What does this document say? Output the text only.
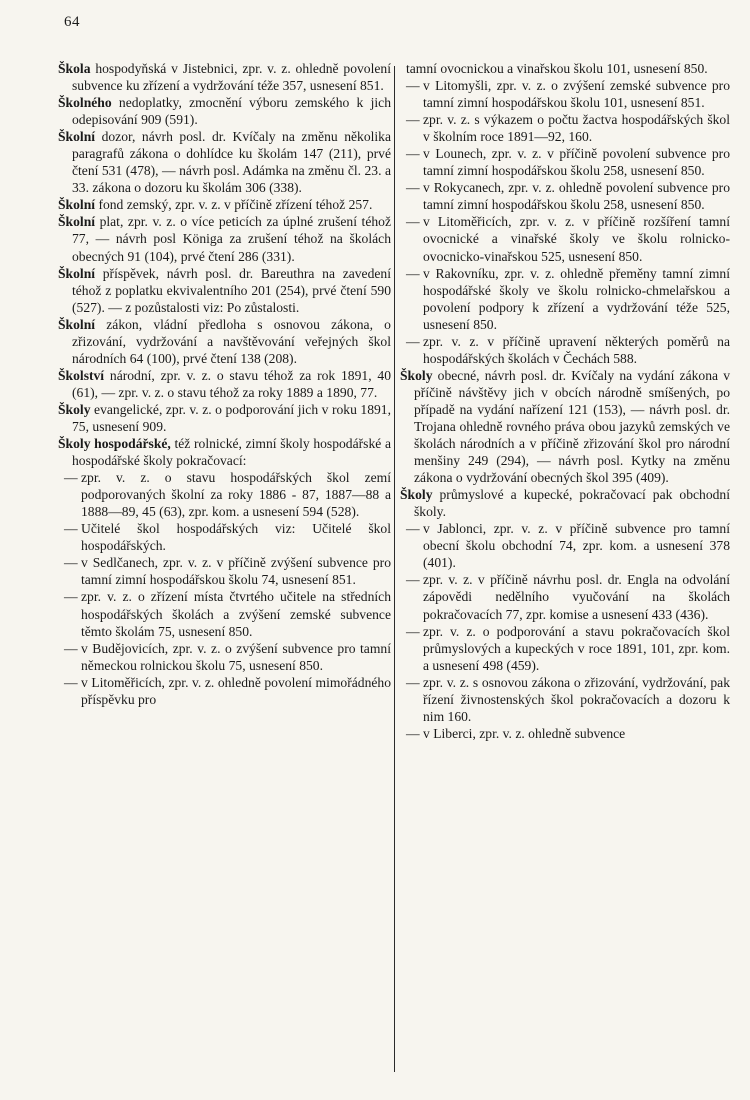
64

Škola hospodyňská v Jistebnici, zpr. v. z. ohledně povolení subvence ku zřízení a vydržování téže 357, usnesení 851.

Školného nedoplatky, zmocnění výboru zemského k jich odepisování 909 (591).

Školní dozor, návrh posl. dr. Kvíčaly na změnu několika paragrafů zákona o dohlídce ku školám 147 (211), prvé čtení 531 (478), — návrh posl. Adámka na změnu čl. 23. a 33. zákona o dozoru ku školám 306 (338).

Školní fond zemský, zpr. v. z. v příčině zřízení téhož 257.

Školní plat, zpr. v. z. o více peticích za úplné zrušení téhož 77, — návrh posl Königa za zrušení téhož na školách obecných 91 (104), prvé čtení 286 (331).

Školní příspěvek, návrh posl. dr. Bareuthra na zavedení téhož z poplatku ekvivalentního 201 (254), prvé čtení 590 (527). — z pozůstalosti viz: Po zůstalosti.

Školní zákon, vládní předloha s osnovou zákona, o zřizování, vydržování a navštěvování veřejných škol národních 64 (100), prvé čtení 138 (208).

Školství národní, zpr. v. z. o stavu téhož za rok 1891, 40 (61), — zpr. v. z. o stavu téhož za roky 1889 a 1890, 77.

Školy evangelické, zpr. v. z. o podporování jich v roku 1891, 75, usnesení 909.

Školy hospodářské, též rolnické, zimní školy hospodářské a hospodářské školy pokračovací:

— zpr. v. z. o stavu hospodářských škol zemí podporovaných školní za roky 1886 - 87, 1887—88 a 1888—89, 45 (63), zpr. kom. a usnesení 594 (528).

— Učitelé škol hospodářských viz: Učitelé škol hospodářských.

— v Sedlčanech, zpr. v. z. v příčině zvýšení subvence pro tamní zimní hospodářskou školu 74, usnesení 851.

— zpr. v. z. o zřízení místa čtvrtého učitele na středních hospodářských školách a zvýšení zemské subvence těmto školám 75, usnesení 850.

— v Budějovicích, zpr. v. z. o zvýšení subvence pro tamní německou rolnickou školu 75, usnesení 850.

— v Litoměřicích, zpr. v. z. ohledně povolení mimořádného příspěvku pro

tamní ovocnickou a vinařskou školu 101, usnesení 850.

— v Litomyšli, zpr. v. z. o zvýšení zemské subvence pro tamní zimní hospodářskou školu 101, usnesení 851.

— zpr. v. z. s výkazem o počtu žactva hospodářských škol v školním roce 1891—92, 160.

— v Lounech, zpr. v. z. v příčině povolení subvence pro tamní zimní hospodářskou školu 258, usnesení 850.

— v Rokycanech, zpr. v. z. ohledně povolení subvence pro tamní zimní hospodářskou školu 258, usnesení 850.

— v Litoměřicích, zpr. v. z. v příčině rozšíření tamní ovocnické a vinařské školy ve školu rolnicko-ovocnicko-vinařskou 525, usnesení 850.

— v Rakovníku, zpr. v. z. ohledně přeměny tamní zimní hospodářské školy ve školu rolnicko-chmelařskou a povolení podpory k zřízení a vydržování téže 525, usnesení 850.

— zpr. v. z. v příčině upravení některých poměrů na hospodářských školách v Čechách 588.

Školy obecné, návrh posl. dr. Kvíčaly na vydání zákona v příčině návštěvy jich v obcích národně smíšených, po případě na vydání nařízení 121 (153), — návrh posl. dr. Trojana ohledně rovného práva obou jazyků zemských ve školách národních a v příčině zřizování škol pro národní menšiny 249 (294), — návrh posl. Kytky na změnu zákona o vydržování obecných škol 395 (409).

Školy průmyslové a kupecké, pokračovací pak obchodní školy.

— v Jablonci, zpr. v. z. v příčině subvence pro tamní obecní školu obchodní 74, zpr. kom. a usnesení 378 (401).

— zpr. v. z. v příčině návrhu posl. dr. Engla na odvolání zápovědi nedělního vyučování na školách pokračovacích 77, zpr. komise a usnesení 433 (436).

— zpr. v. z. o podporování a stavu pokračovacích škol průmyslových a kupeckých v roce 1891, 101, zpr. kom. a usnesení 498 (459).

— zpr. v. z. s osnovou zákona o zřizování, vydržování, pak řízení živnostenských škol pokračovacích a dozoru k nim 160.

— v Liberci, zpr. v. z. ohledně subvence
